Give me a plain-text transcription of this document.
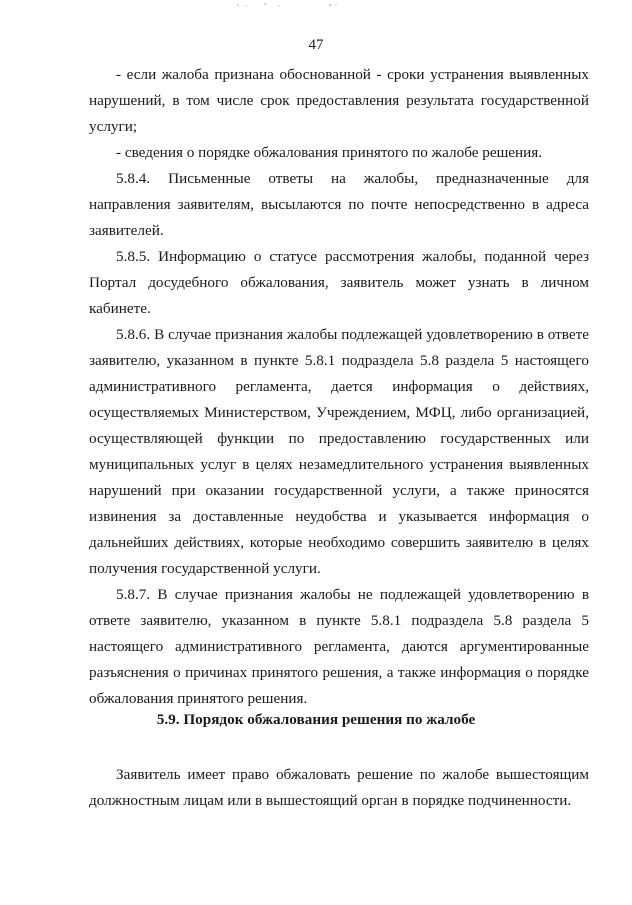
47

- если жалоба признана обоснованной - сроки устранения выявленных нарушений, в том числе срок предоставления результата государственной услуги;

- сведения о порядке обжалования принятого по жалобе решения.

5.8.4. Письменные ответы на жалобы, предназначенные для направления заявителям, высылаются по почте непосредственно в адреса заявителей.

5.8.5. Информацию о статусе рассмотрения жалобы, поданной через Портал досудебного обжалования, заявитель может узнать в личном кабинете.

5.8.6. В случае признания жалобы подлежащей удовлетворению в ответе заявителю, указанном в пункте 5.8.1 подраздела 5.8 раздела 5 настоящего административного регламента, дается информация о действиях, осуществляемых Министерством, Учреждением, МФЦ, либо организацией, осуществляющей функции по предоставлению государственных или муниципальных услуг в целях незамедлительного устранения выявленных нарушений при оказании государственной услуги, а также приносятся извинения за доставленные неудобства и указывается информация о дальнейших действиях, которые необходимо совершить заявителю в целях получения государственной услуги.

5.8.7. В случае признания жалобы не подлежащей удовлетворению в ответе заявителю, указанном в пункте 5.8.1 подраздела 5.8 раздела 5 настоящего административного регламента, даются аргументированные разъяснения о причинах принятого решения, а также информация о порядке обжалования принятого решения.

5.9. Порядок обжалования решения по жалобе

Заявитель имеет право обжаловать решение по жалобе вышестоящим должностным лицам или в вышестоящий орган в порядке подчиненности.
